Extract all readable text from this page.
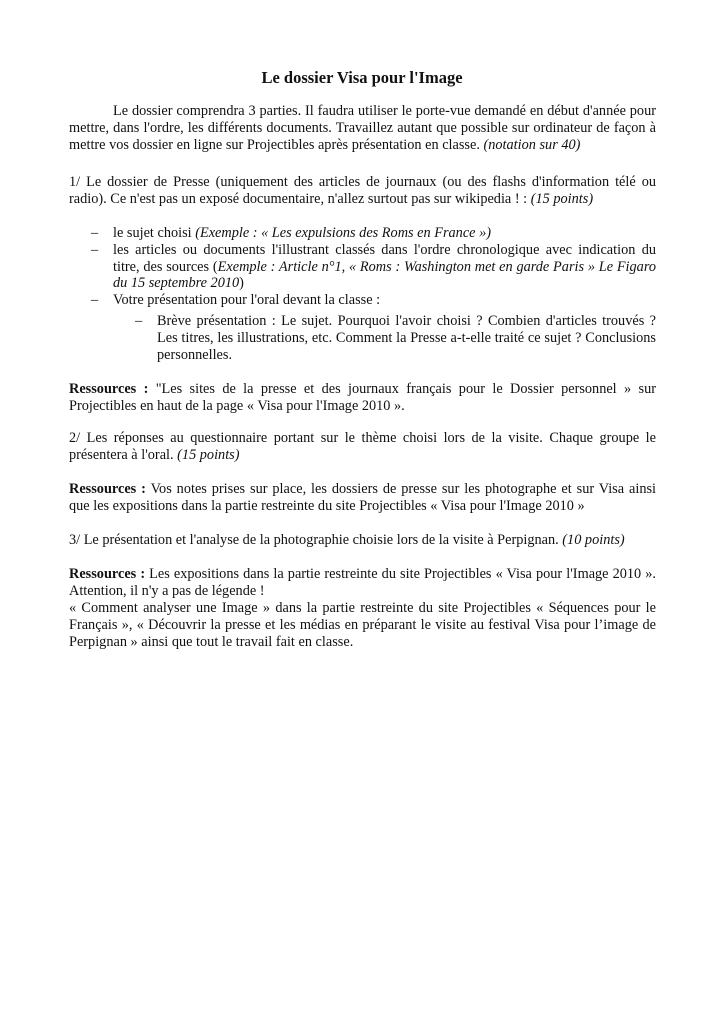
Le dossier Visa pour l'Image
Le dossier comprendra 3 parties. Il faudra utiliser le porte-vue demandé en début d'année pour mettre, dans l'ordre, les différents documents. Travaillez autant que possible sur ordinateur de façon à mettre vos dossier en ligne sur Projectibles après présentation en classe. (notation sur 40)
1/ Le dossier de Presse (uniquement des articles de journaux (ou des flashs d'information télé ou radio). Ce n'est pas un exposé documentaire, n'allez surtout pas sur wikipedia ! : (15 points)
– le sujet choisi (Exemple : « Les expulsions des Roms en France »)
– les articles ou documents l'illustrant classés dans l'ordre chronologique avec indication du titre, des sources (Exemple : Article n°1, « Roms : Washington met en garde Paris » Le Figaro du 15 septembre 2010)
– Votre présentation pour l'oral devant la classe :
– Brève présentation : Le sujet. Pourquoi l'avoir choisi ? Combien d'articles trouvés ? Les titres, les illustrations, etc. Comment la Presse a-t-elle traité ce sujet ? Conclusions personnelles.
Ressources : "Les sites de la presse et des journaux français pour le Dossier personnel » sur Projectibles en haut de la page « Visa pour l'Image 2010 ».
2/ Les réponses au questionnaire portant sur le thème choisi lors de la visite. Chaque groupe le présentera à l'oral. (15 points)
Ressources : Vos notes prises sur place, les dossiers de presse sur les photographe et sur Visa ainsi que les expositions dans la partie restreinte du site Projectibles « Visa pour l'Image 2010 »
3/ Le présentation et l'analyse de la photographie choisie lors de la visite à Perpignan. (10 points)
Ressources : Les expositions dans la partie restreinte du site Projectibles « Visa pour l'Image 2010 ». Attention, il n'y a pas de légende !
« Comment analyser une Image » dans la partie restreinte du site Projectibles « Séquences pour le Français », « Découvrir la presse et les médias en préparant le visite au festival Visa pour l’image de Perpignan » ainsi que tout le travail fait en classe.
